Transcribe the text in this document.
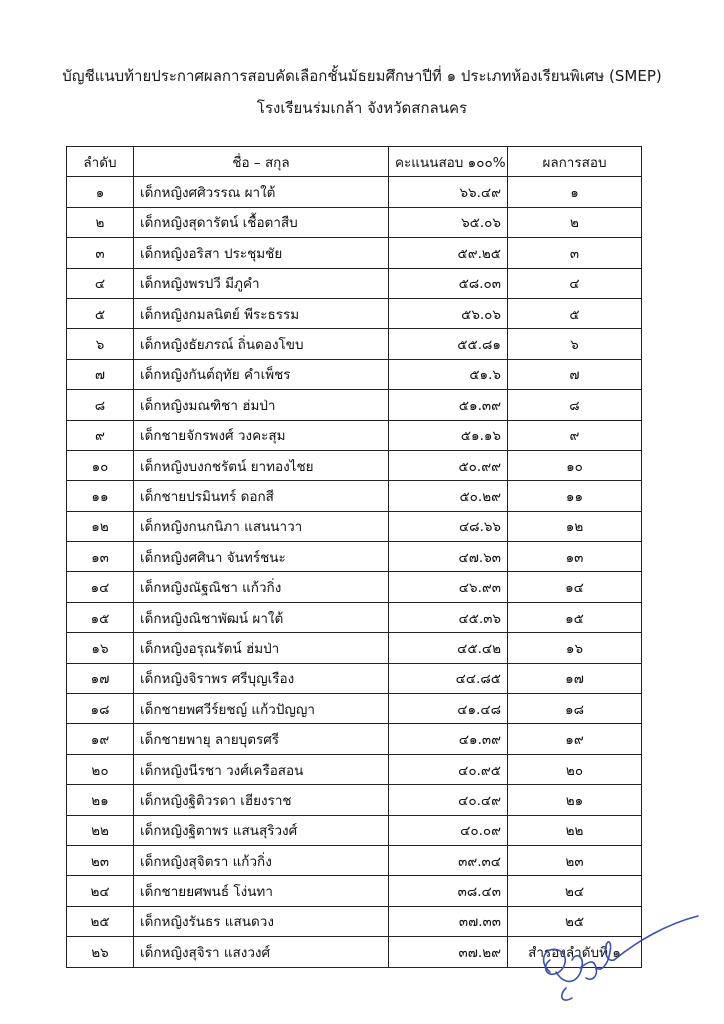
บัญชีแนบท้ายประกาศผลการสอบคัดเลือกชั้นมัธยมศึกษาปีที่ ๑ ประเภทห้องเรียนพิเศษ (SMEP)
โรงเรียนร่มเกล้า จังหวัดสกลนคร
ลำดับ	ชื่อ – สกุล	คะแนนสอบ ๑๐๐%	ผลการสอบ
๑	เด็กหญิงศศิวรรณ ผาใต้	๖๖.๔๙	๑
๒	เด็กหญิงสุดารัตน์ เชื้อตาสืบ	๖๕.๐๖	๒
๓	เด็กหญิงอริสา ประชุมชัย	๕๙.๒๕	๓
๔	เด็กหญิงพรปวี มีภูคำ	๕๘.๐๓	๔
๕	เด็กหญิงกมลนิตย์ พีระธรรม	๕๖.๐๖	๕
๖	เด็กหญิงธัยภรณ์ ถิ่นดองโขบ	๕๕.๘๑	๖
๗	เด็กหญิงกันต์ฤทัย คำเพ็ชร	๕๑.๖	๗
๘	เด็กหญิงมณฑิชา ฮ่มป่า	๕๑.๓๙	๘
๙	เด็กชายจักรพงศ์ วงคะสุม	๕๑.๑๖	๙
๑๐	เด็กหญิงบงกชรัตน์ ยาทองไชย	๕๐.๙๙	๑๐
๑๑	เด็กชายปรมินทร์ ดอกสี	๕๐.๒๙	๑๑
๑๒	เด็กหญิงกนกนิภา แสนนาวา	๔๘.๖๖	๑๒
๑๓	เด็กหญิงศศินา จันทร์ชนะ	๔๗.๖๓	๑๓
๑๔	เด็กหญิงณัฐณิชา แก้วกิ่ง	๔๖.๙๓	๑๔
๑๕	เด็กหญิงณิชาพัฒน์ ผาใต้	๔๕.๓๖	๑๕
๑๖	เด็กหญิงอรุณรัตน์ ฮ่มป่า	๔๕.๔๒	๑๖
๑๗	เด็กหญิงจิราพร ศรีบุญเรือง	๔๔.๘๕	๑๗
๑๘	เด็กชายพศวีร์ยชญ์ แก้วปัญญา	๔๑.๔๘	๑๘
๑๙	เด็กชายพายุ ลายบุตรศรี	๔๑.๓๙	๑๙
๒๐	เด็กหญิงนีรชา วงศ์เครือสอน	๔๐.๙๕	๒๐
๒๑	เด็กหญิงฐิติวรดา เฮียงราช	๔๐.๔๙	๒๑
๒๒	เด็กหญิงฐิตาพร แสนสุริวงศ์	๔๐.๐๙	๒๒
๒๓	เด็กหญิงสุจิตรา แก้วกิ่ง	๓๙.๓๔	๒๓
๒๔	เด็กชายยศพนธ์ โง่นทา	๓๘.๔๓	๒๔
๒๕	เด็กหญิงรันธร แสนดวง	๓๗.๓๓	๒๕
๒๖	เด็กหญิงสุจิรา แสงวงศ์	๓๗.๒๙	สำรองลำดับที่ ๑
